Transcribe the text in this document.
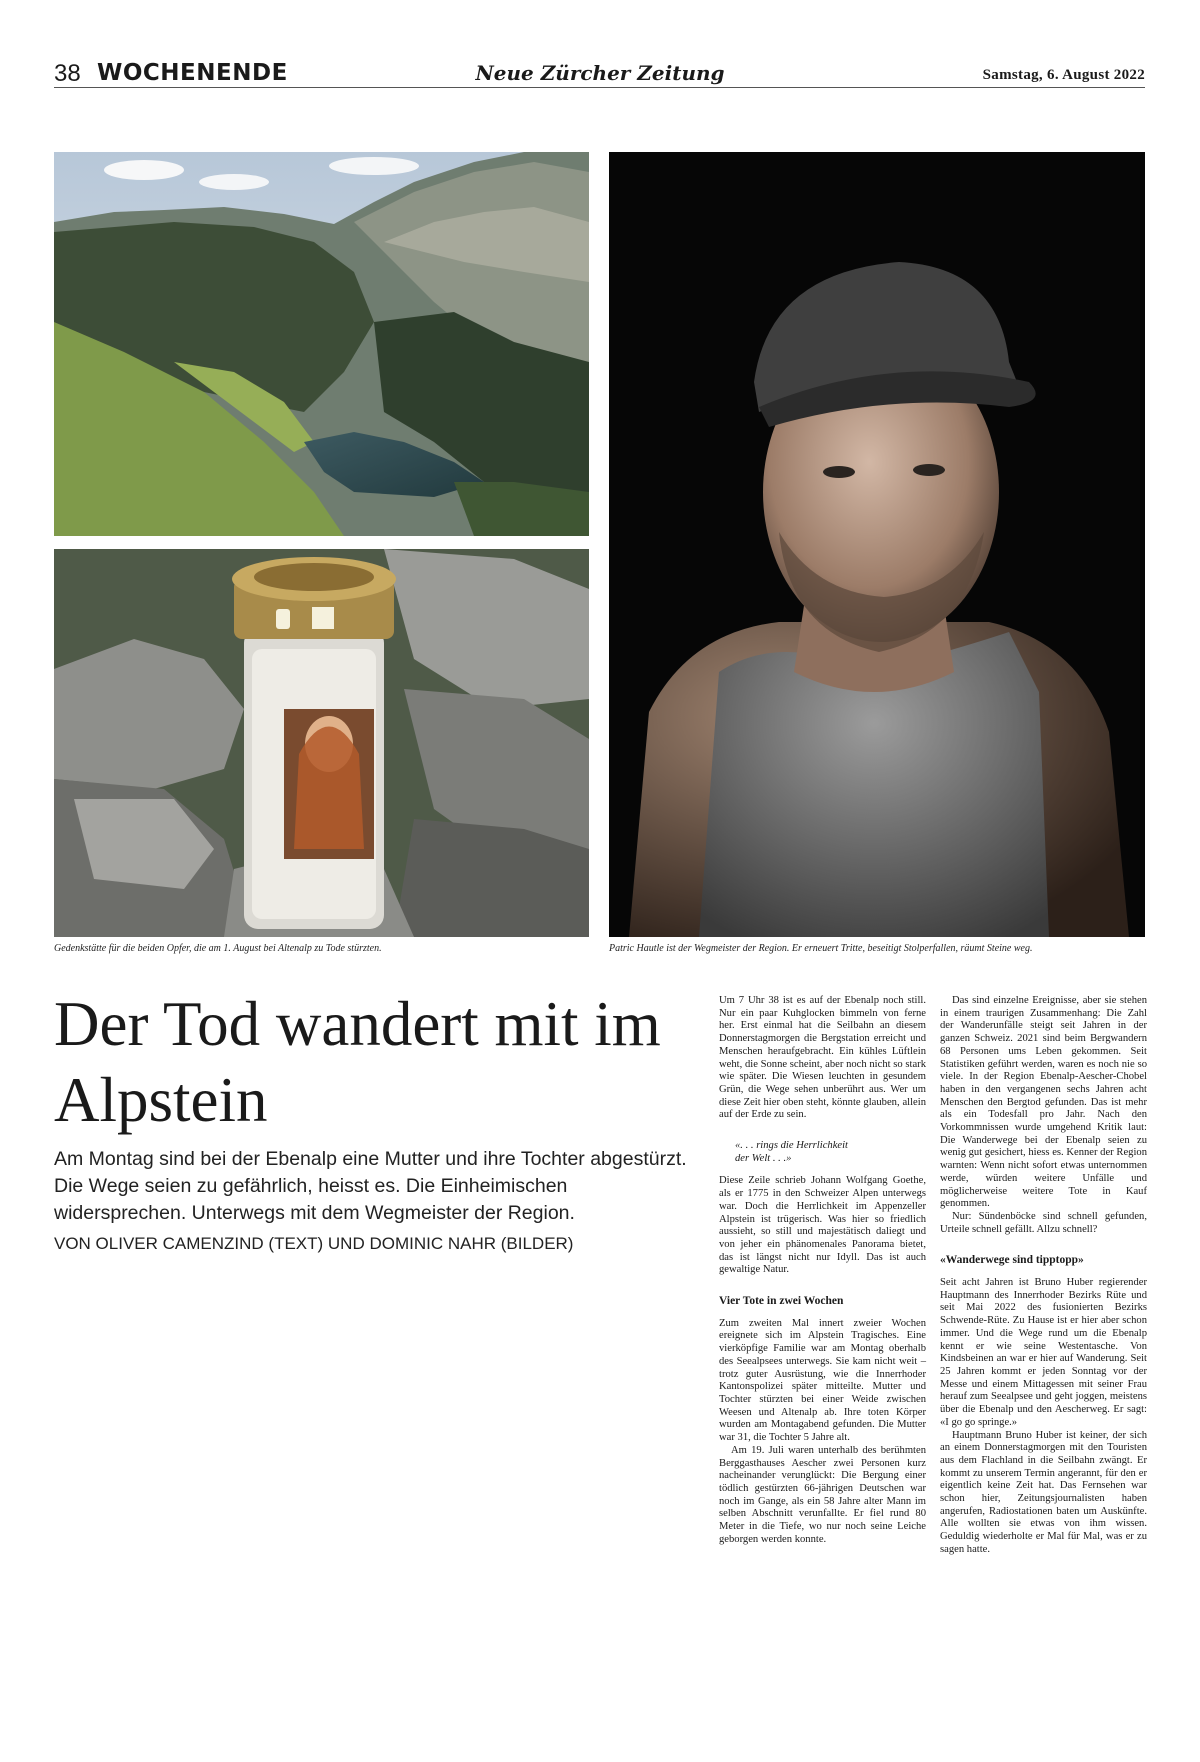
38 WOCHENENDE	Neue Zürcher Zeitung	Samstag, 6. August 2022
Gedenkstätte für die beiden Opfer, die am 1. August bei Altenalp zu Tode stürzten.	Patric Hautle ist der Wegmeister der Region. Er erneuert Tritte, beseitigt Stolperfallen, räumt Steine weg.
Der Tod wandert mit im Alpstein
Am Montag sind bei der Ebenalp eine Mutter und ihre Tochter abgestürzt. Die Wege seien zu gefährlich, heisst es. Die Einheimischen widersprechen. Unterwegs mit dem Wegmeister der Region.
VON OLIVER CAMENZIND (TEXT) UND DOMINIC NAHR (BILDER)

Um 7 Uhr 38 ist es auf der Ebenalp noch still. Nur ein paar Kuhglocken bimmeln von ferne her. Erst einmal hat die Seilbahn an diesem Donnerstagmorgen die Bergstation erreicht und Menschen heraufgebracht. Ein kühles Lüftlein weht, die Sonne scheint, aber noch nicht so stark wie später. Die Wiesen leuchten in gesundem Grün, die Wege sehen unberührt aus. Wer um diese Zeit hier oben steht, könnte glauben, allein auf der Erde zu sein.

«. . . rings die Herrlichkeit
der Welt . . .»

Diese Zeile schrieb Johann Wolfgang Goethe, als er 1775 in den Schweizer Alpen unterwegs war. Doch die Herrlichkeit im Appenzeller Alpstein ist trügerisch. Was hier so friedlich aussieht, so still und majestätisch daliegt und von jeher ein phänomenales Panorama bietet, das ist längst nicht nur Idyll. Das ist auch gewaltige Natur.

Vier Tote in zwei Wochen

Zum zweiten Mal innert zweier Wochen ereignete sich im Alpstein Tragisches. Eine vierköpfige Familie war am Montag oberhalb des Seealpsees unterwegs. Sie kam nicht weit – trotz guter Ausrüstung, wie die Innerrhoder Kantonspolizei später mitteilte. Mutter und Tochter stürzten bei einer Weide zwischen Weesen und Altenalp ab. Ihre toten Körper wurden am Montagabend gefunden. Die Mutter war 31, die Tochter 5 Jahre alt.

Am 19. Juli waren unterhalb des berühmten Berggasthauses Aescher zwei Personen kurz nacheinander verunglückt: Die Bergung einer tödlich gestürzten 66-jährigen Deutschen war noch im Gange, als ein 58 Jahre alter Mann im selben Abschnitt verunfallte. Er fiel rund 80 Meter in die Tiefe, wo nur noch seine Leiche geborgen werden konnte.

Das sind einzelne Ereignisse, aber sie stehen in einem traurigen Zusammenhang: Die Zahl der Wanderunfälle steigt seit Jahren in der ganzen Schweiz. 2021 sind beim Bergwandern 68 Personen ums Leben gekommen. Seit Statistiken geführt werden, waren es noch nie so viele. In der Region Ebenalp-Aescher-Chobel haben in den vergangenen sechs Jahren acht Menschen den Bergtod gefunden. Das ist mehr als ein Todesfall pro Jahr. Nach den Vorkommnissen wurde umgehend Kritik laut: Die Wanderwege bei der Ebenalp seien zu wenig gut gesichert, hiess es. Kenner der Region warnten: Wenn nicht sofort etwas unternommen werde, würden weitere Unfälle und möglicherweise weitere Tote in Kauf genommen.

Nur: Sündenböcke sind schnell gefunden, Urteile schnell gefällt. Allzu schnell?

«Wanderwege sind tipptopp»

Seit acht Jahren ist Bruno Huber regierender Hauptmann des Innerrhoder Bezirks Rüte und seit Mai 2022 des fusionierten Bezirks Schwende-Rüte. Zu Hause ist er hier aber schon immer. Und die Wege rund um die Ebenalp kennt er wie seine Westentasche. Von Kindsbeinen an war er hier auf Wanderung. Seit 25 Jahren kommt er jeden Sonntag vor der Messe und einem Mittagessen mit seiner Frau herauf zum Seealpsee und geht joggen, meistens über die Ebenalp und den Aescherweg. Er sagt: «I go go springe.»

Hauptmann Bruno Huber ist keiner, der sich an einem Donnerstagmorgen mit den Touristen aus dem Flachland in die Seilbahn zwängt. Er kommt zu unserem Termin angerannt, für den er eigentlich keine Zeit hat. Das Fernsehen war schon hier, Zeitungsjournalisten haben angerufen, Radiostationen baten um Auskünfte. Alle wollten sie etwas von ihm wissen. Geduldig wiederholte er Mal für Mal, was er zu sagen hatte.
